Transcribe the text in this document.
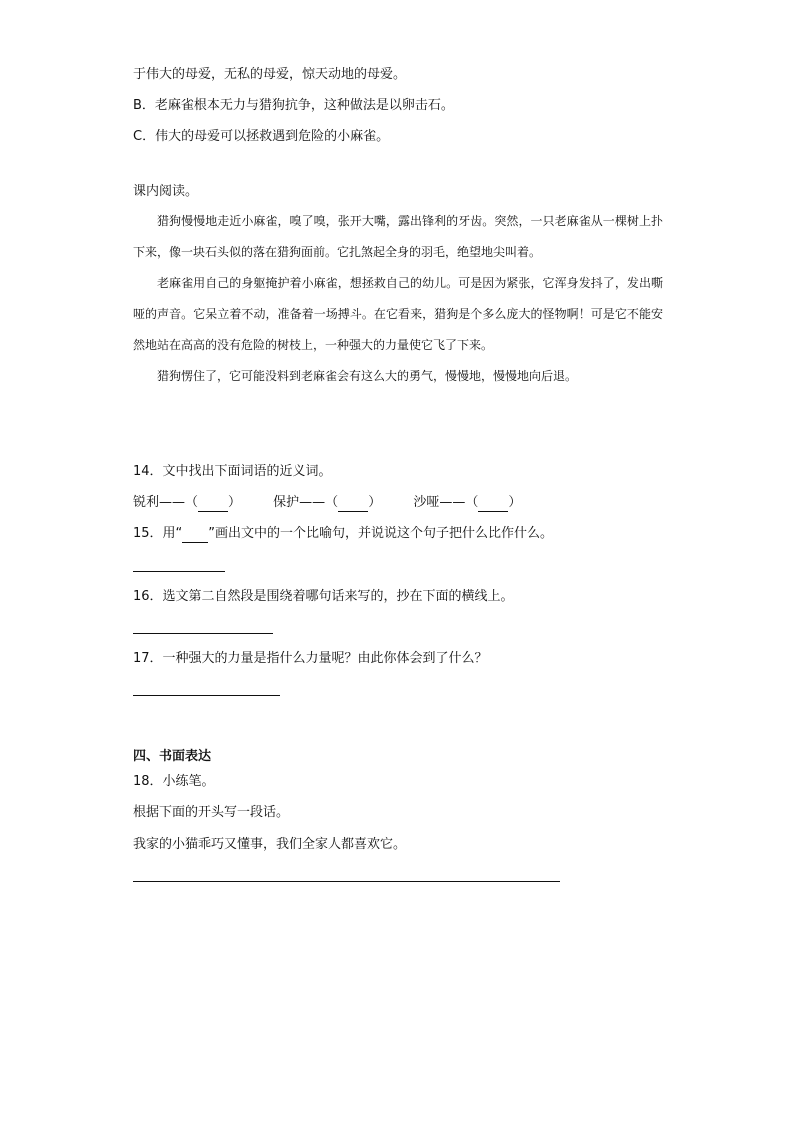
于伟大的母爱，无私的母爱，惊天动地的母爱。
B．老麻雀根本无力与猎狗抗争，这种做法是以卵击石。
C．伟大的母爱可以拯救遇到危险的小麻雀。
课内阅读。

猎狗慢慢地走近小麻雀，嗅了嗅，张开大嘴，露出锋利的牙齿。突然，一只老麻雀从一棵树上扑下来，像一块石头似的落在猎狗面前。它扎煞起全身的羽毛，绝望地尖叫着。

老麻雀用自己的身躯掩护着小麻雀，想拯救自己的幼儿。可是因为紧张，它浑身发抖了，发出嘶哑的声音。它呆立着不动，准备着一场搏斗。在它看来，猎狗是个多么庞大的怪物啊！可是它不能安然地站在高高的没有危险的树枝上，一种强大的力量使它飞了下来。

猎狗愣住了，它可能没料到老麻雀会有这么大的勇气，慢慢地，慢慢地向后退。

14．文中找出下面词语的近义词。
锐利——（ ） 保护——（ ） 沙哑——（ ）
15．用“ ”画出文中的一个比喻句，并说说这个句子把什么比作什么。
16．选文第二自然段是围绕着哪句话来写的，抄在下面的横线上。
17．一种强大的力量是指什么力量呢？由此你体会到了什么？
四、书面表达
18．小练笔。
根据下面的开头写一段话。
我家的小猫乖巧又懂事，我们全家人都喜欢它。
